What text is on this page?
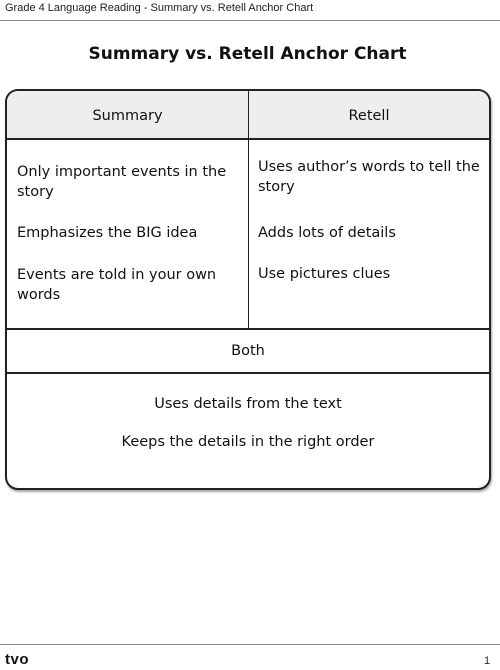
Grade 4 Language Reading - Summary vs. Retell Anchor Chart
Summary vs. Retell Anchor Chart
Summary	Retell
Only important events in the story
Emphasizes the BIG idea
Events are told in your own words
Uses author’s words to tell the story
Adds lots of details
Use pictures clues
Both
Uses details from the text
Keeps the details in the right order
tvo	1
